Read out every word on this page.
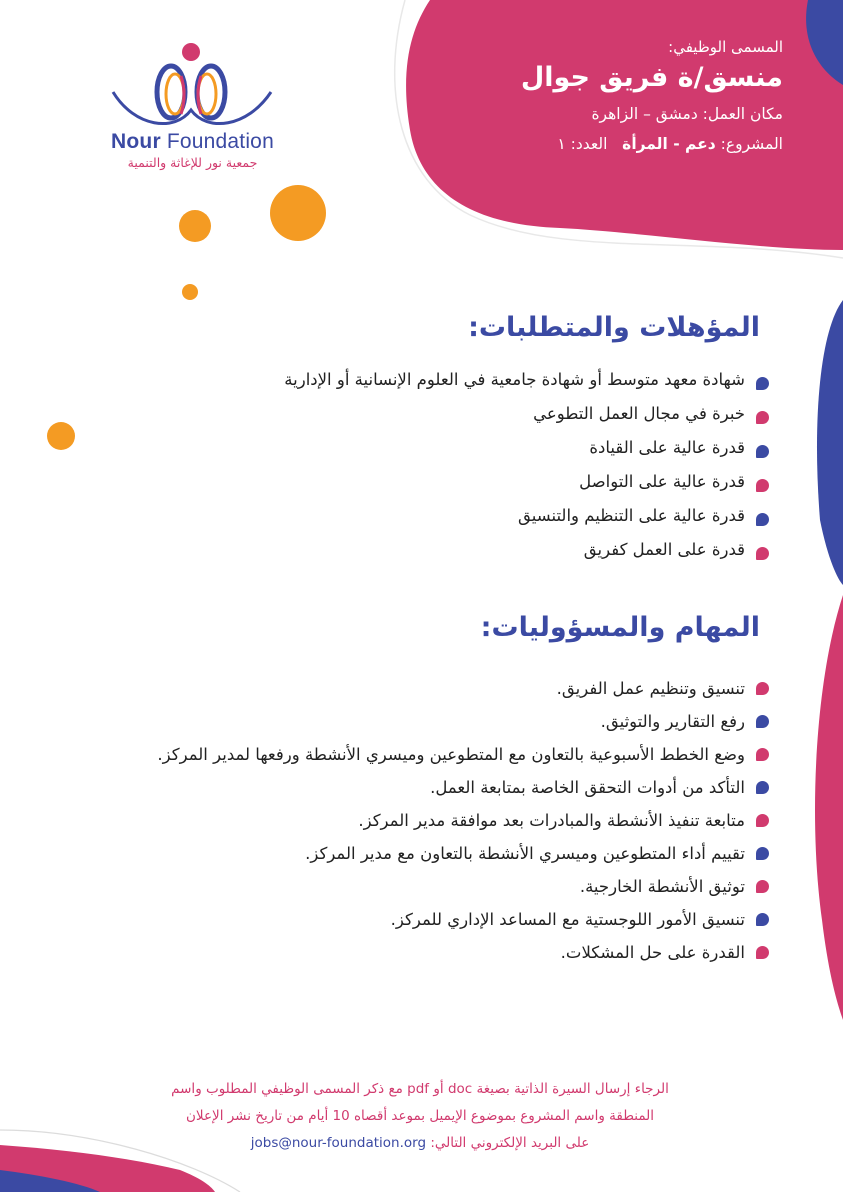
Nour Foundation
جمعية نور للإغاثة والتنمية
المسمى الوظيفي:
منسق/ة فريق جوال
مكان العمل: دمشق – الزاهرة
المشروع: دعم - المرأة   العدد: ١
المؤهلات والمتطلبات:
شهادة معهد متوسط أو شهادة جامعية في العلوم الإنسانية أو الإدارية
خبرة في مجال العمل التطوعي
قدرة عالية على القيادة
قدرة عالية على التواصل
قدرة عالية على التنظيم والتنسيق
قدرة على العمل كفريق
المهام والمسؤوليات:
تنسيق وتنظيم عمل الفريق.
رفع التقارير والتوثيق.
وضع الخطط الأسبوعية بالتعاون مع المتطوعين وميسري الأنشطة ورفعها لمدير المركز.
التأكد من أدوات التحقق الخاصة بمتابعة العمل.
متابعة تنفيذ الأنشطة والمبادرات بعد موافقة مدير المركز.
تقييم أداء المتطوعين وميسري الأنشطة بالتعاون مع مدير المركز.
توثيق الأنشطة الخارجية.
تنسيق الأمور اللوجستية مع المساعد الإداري للمركز.
القدرة على حل المشكلات.
الرجاء إرسال السيرة الذاتية بصيغة doc أو pdf مع ذكر المسمى الوظيفي المطلوب واسم
المنطقة واسم المشروع بموضوع الإيميل بموعد أقصاه 10 أيام من تاريخ نشر الإعلان
على البريد الإلكتروني التالي: jobs@nour-foundation.org
